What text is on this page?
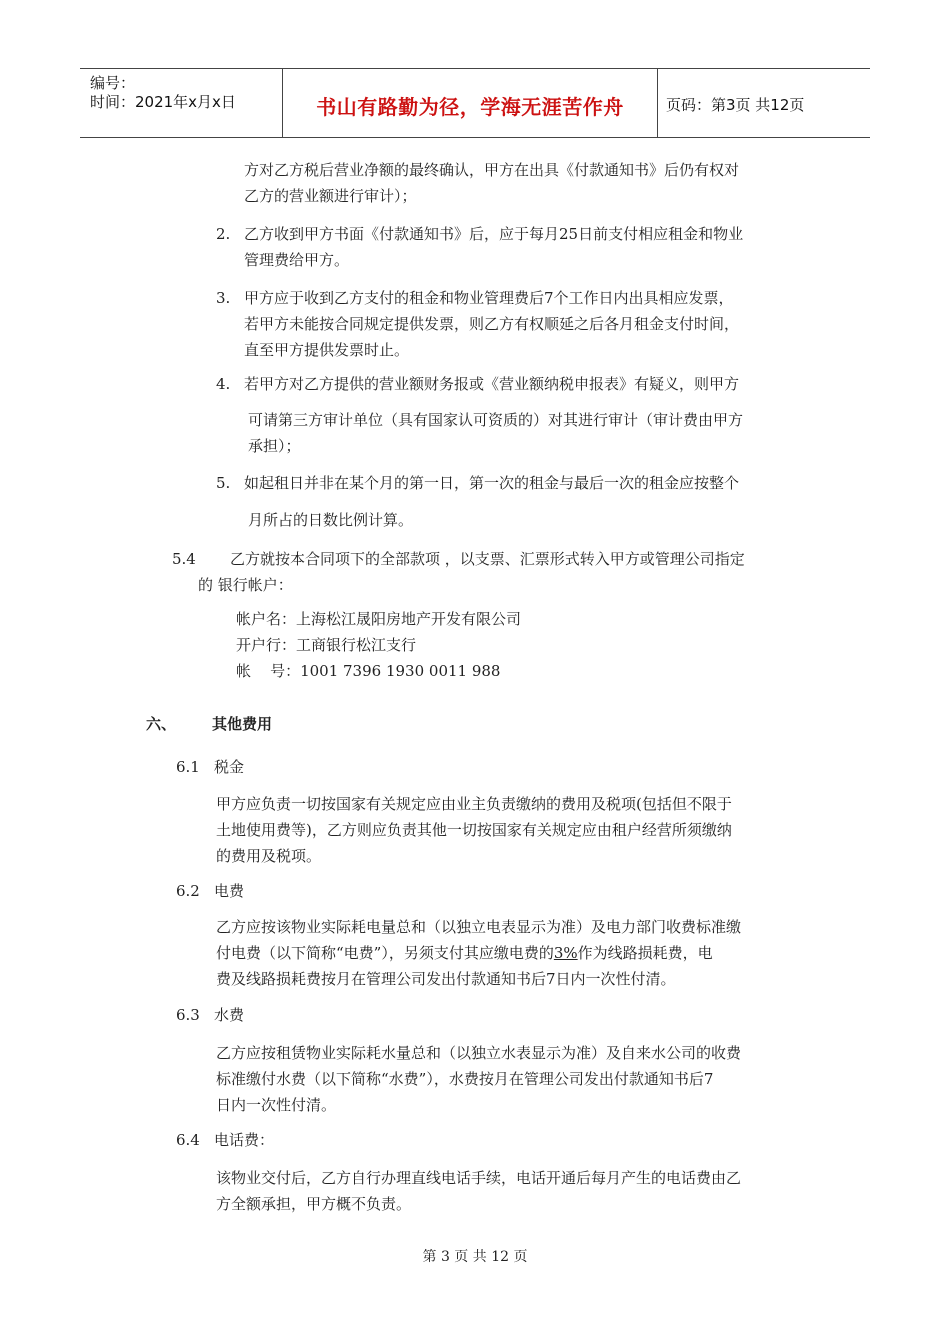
编号：
时间：2021年x月x日	书山有路勤为径，学海无涯苦作舟	页码：第3页 共12页
方对乙方税后营业净额的最终确认，甲方在出具《付款通知书》后仍有权对
乙方的营业额进行审计）；
2. 乙方收到甲方书面《付款通知书》后，应于每月25日前支付相应租金和物业
管理费给甲方。
3. 甲方应于收到乙方支付的租金和物业管理费后7个工作日内出具相应发票，
若甲方未能按合同规定提供发票，则乙方有权顺延之后各月租金支付时间，
直至甲方提供发票时止。
4. 若甲方对乙方提供的营业额财务报或《营业额纳税申报表》有疑义，则甲方
可请第三方审计单位（具有国家认可资质的）对其进行审计（审计费由甲方
承担）；
5. 如起租日并非在某个月的第一日，第一次的租金与最后一次的租金应按整个
月所占的日数比例计算。
5.4 乙方就按本合同项下的全部款项 ，以支票、汇票形式转入甲方或管理公司指定
的 银行帐户：
帐户名：上海松江晟阳房地产开发有限公司
开户行：工商银行松江支行
帐    号：1001 7396 1930 0011 988
六、 其他费用
6.1 税金
甲方应负责一切按国家有关规定应由业主负责缴纳的费用及税项(包括但不限于
土地使用费等)，乙方则应负责其他一切按国家有关规定应由租户经营所须缴纳
的费用及税项。
6.2 电费
乙方应按该物业实际耗电量总和（以独立电表显示为准）及电力部门收费标准缴
付电费（以下简称“电费”），另须支付其应缴电费的3%作为线路损耗费，电
费及线路损耗费按月在管理公司发出付款通知书后7日内一次性付清。
6.3 水费
乙方应按租赁物业实际耗水量总和（以独立水表显示为准）及自来水公司的收费
标准缴付水费（以下简称“水费”），水费按月在管理公司发出付款通知书后7
日内一次性付清。
6.4 电话费：
该物业交付后，乙方自行办理直线电话手续，电话开通后每月产生的电话费由乙
方全额承担，甲方概不负责。
第 3 页 共 12 页
